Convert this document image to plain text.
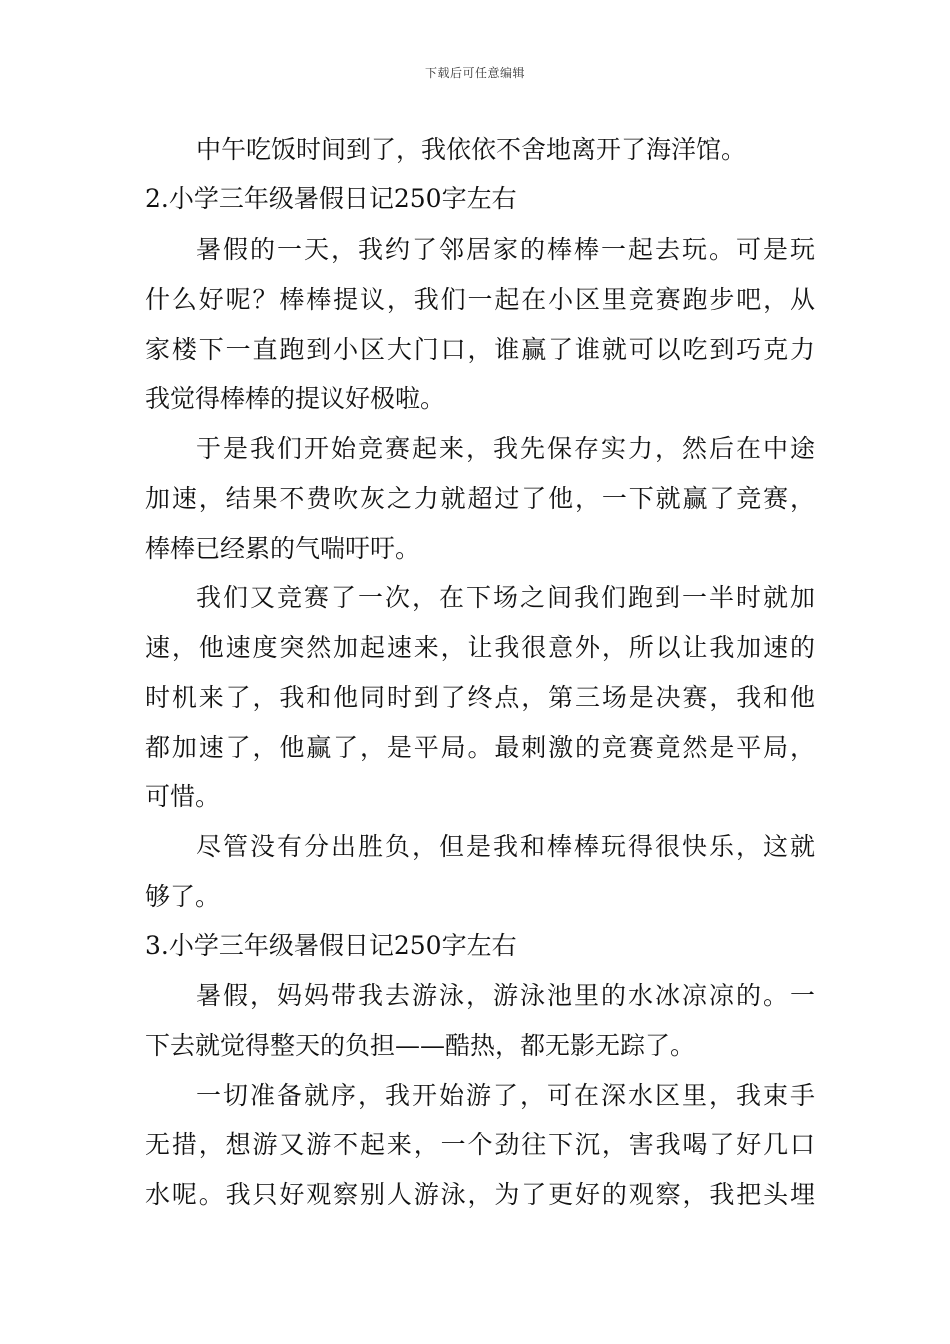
下载后可任意编辑
中午吃饭时间到了，我依依不舍地离开了海洋馆。
2.小学三年级暑假日记250字左右
暑假的一天，我约了邻居家的棒棒一起去玩。可是玩
什么好呢？棒棒提议，我们一起在小区里竞赛跑步吧，从
家楼下一直跑到小区大门口，谁赢了谁就可以吃到巧克力
我觉得棒棒的提议好极啦。
于是我们开始竞赛起来，我先保存实力，然后在中途
加速，结果不费吹灰之力就超过了他，一下就赢了竞赛，
棒棒已经累的气喘吁吁。
我们又竞赛了一次，在下场之间我们跑到一半时就加
速，他速度突然加起速来，让我很意外，所以让我加速的
时机来了，我和他同时到了终点，第三场是决赛，我和他
都加速了，他赢了，是平局。最刺激的竞赛竟然是平局，
可惜。
尽管没有分出胜负，但是我和棒棒玩得很快乐，这就
够了。
3.小学三年级暑假日记250字左右
暑假，妈妈带我去游泳，游泳池里的水冰凉凉的。一
下去就觉得整天的负担——酷热，都无影无踪了。
一切准备就序，我开始游了，可在深水区里，我束手
无措，想游又游不起来，一个劲往下沉，害我喝了好几口
水呢。我只好观察别人游泳，为了更好的观察，我把头埋
